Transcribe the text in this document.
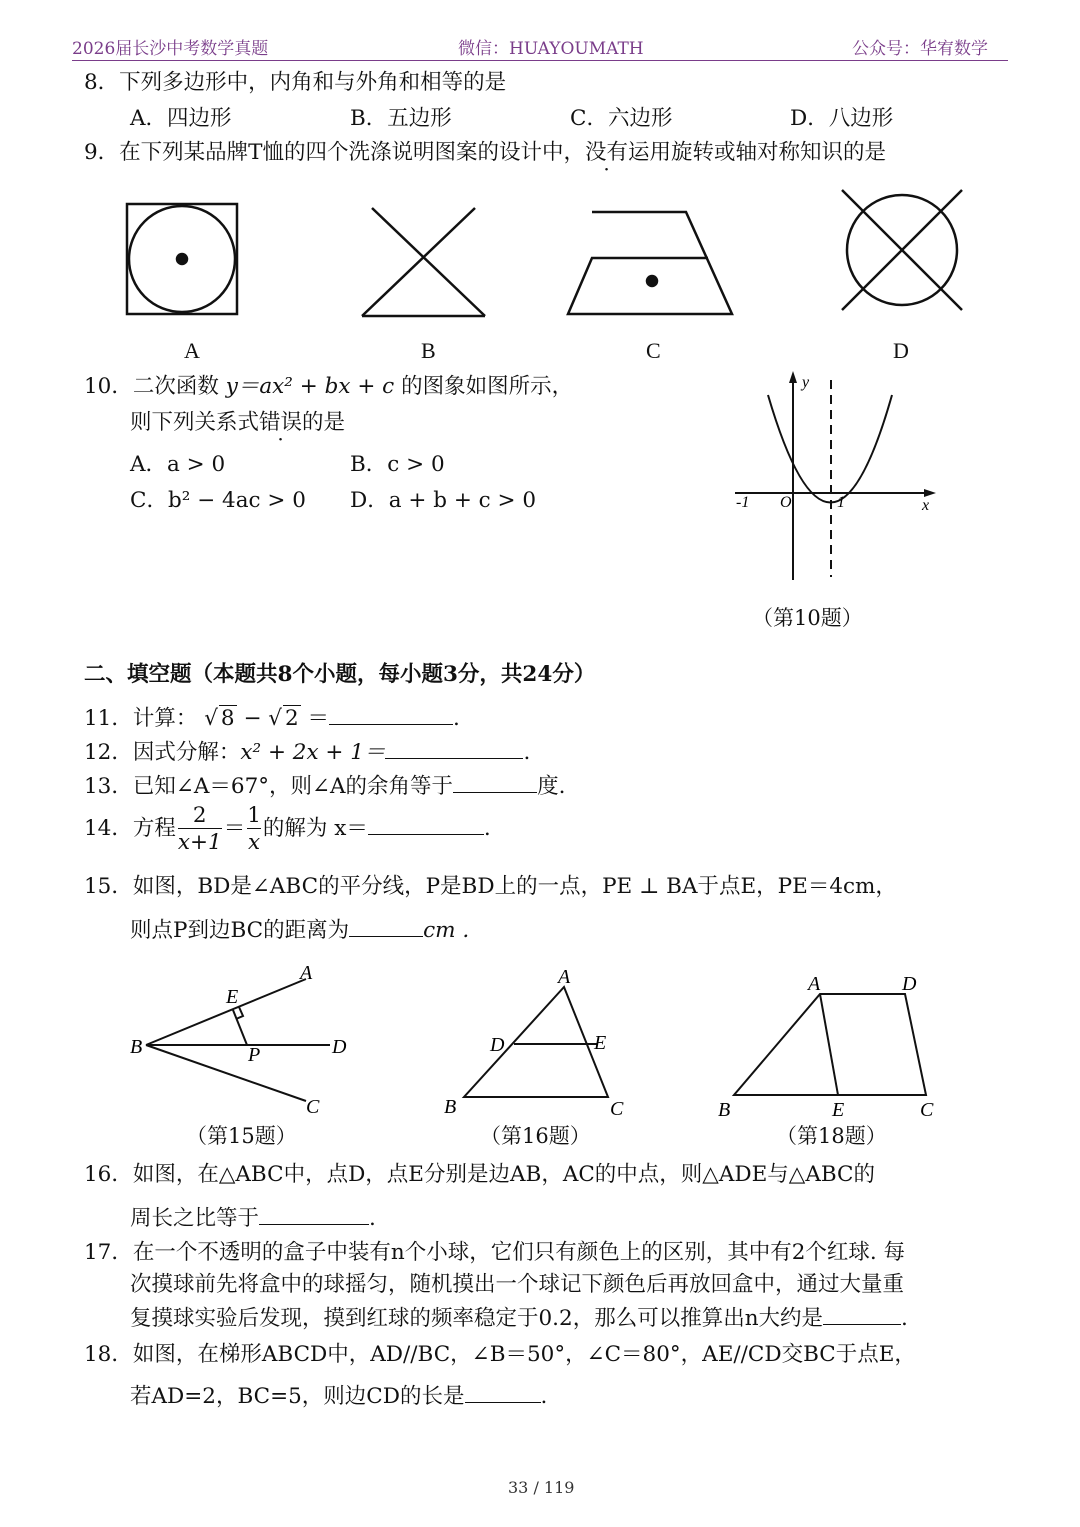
2026届长沙中考数学真题	微信：HUAYOUMATH	公众号：华宥数学
8．下列多边形中，内角和与外角和相等的是
A．四边形	B．五边形	C．六边形	D．八边形
9．在下列某品牌T恤的四个洗涤说明图案的设计中，没有运用旋转或轴对称知识的是
A	B	C	D
10．二次函数 y＝ax² + bx + c 的图象如图所示，
则下列关系式错误的是
A．a > 0	B．c > 0
C．b² − 4ac > 0 D．a + b + c > 0
y
x
-1 O	1
（第10题）
二、填空题（本题共8个小题，每小题3分，共24分）
11．计算： √ 8 − √ 2 ＝	.
12．因式分解：x² + 2x + 1＝	.
13．已知∠A＝67°，则∠A的余角等于	度.
14．方程 $\frac{2}{x+1} = \frac{1}{x}$ 的解为 x＝	.
15．如图，BD是∠ABC的平分线，P是BD上的一点，PE ⊥ BA于点E，PE＝4cm，
则点P到边BC的距离为	cm .
A
B
C
D
E
P
A
B	C
D	E
A
B	C
D
E
（第15题）	（第16题）	（第18题）
16．如图，在△ABC中，点D，点E分别是边AB，AC的中点，则△ADE与△ABC的
周长之比等于	.
17．在一个不透明的盒子中装有n个小球，它们只有颜色上的区别，其中有2个红球. 每
次摸球前先将盒中的球摇匀，随机摸出一个球记下颜色后再放回盒中，通过大量重
复摸球实验后发现，摸到红球的频率稳定于0.2，那么可以推算出n大约是	.
18．如图，在梯形ABCD中，AD//BC，∠B＝50°，∠C＝80°，AE//CD交BC于点E，
若AD=2，BC=5，则边CD的长是	.
33 / 119
